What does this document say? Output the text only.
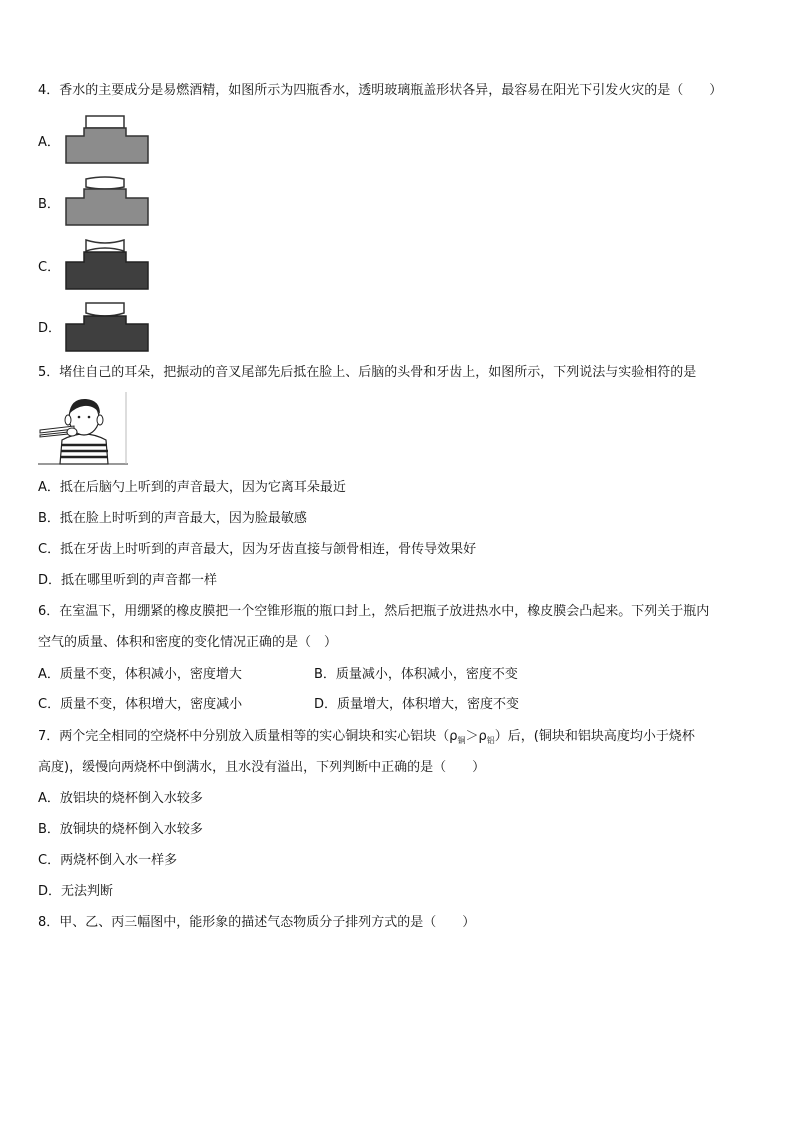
4．香水的主要成分是易燃酒精，如图所示为四瓶香水，透明玻璃瓶盖形状各异，最容易在阳光下引发火灾的是（　　）
A．
B．
C．
D．
5．堵住自己的耳朵，把振动的音叉尾部先后抵在脸上、后脑的头骨和牙齿上，如图所示，下列说法与实验相符的是
A．抵在后脑勺上听到的声音最大，因为它离耳朵最近
B．抵在脸上时听到的声音最大，因为脸最敏感
C．抵在牙齿上时听到的声音最大，因为牙齿直接与颌骨相连，骨传导效果好
D．抵在哪里听到的声音都一样
6．在室温下，用绷紧的橡皮膜把一个空锥形瓶的瓶口封上，然后把瓶子放进热水中，橡皮膜会凸起来。下列关于瓶内
空气的质量、体积和密度的变化情况正确的是（　）
A．质量不变，体积减小，密度增大	B．质量减小，体积减小，密度不变
C．质量不变，体积增大，密度减小	D．质量增大，体积增大，密度不变
7．两个完全相同的空烧杯中分别放入质量相等的实心铜块和实心铝块$(\rho_铜>\rho_铝)$后，(铜块和铝块高度均小于烧杯
高度)，缓慢向两烧杯中倒满水，且水没有溢出，下列判断中正确的是（　　）
A．放铝块的烧杯倒入水较多
B．放铜块的烧杯倒入水较多
C．两烧杯倒入水一样多
D．无法判断
8．甲、乙、丙三幅图中，能形象的描述气态物质分子排列方式的是（　　）
